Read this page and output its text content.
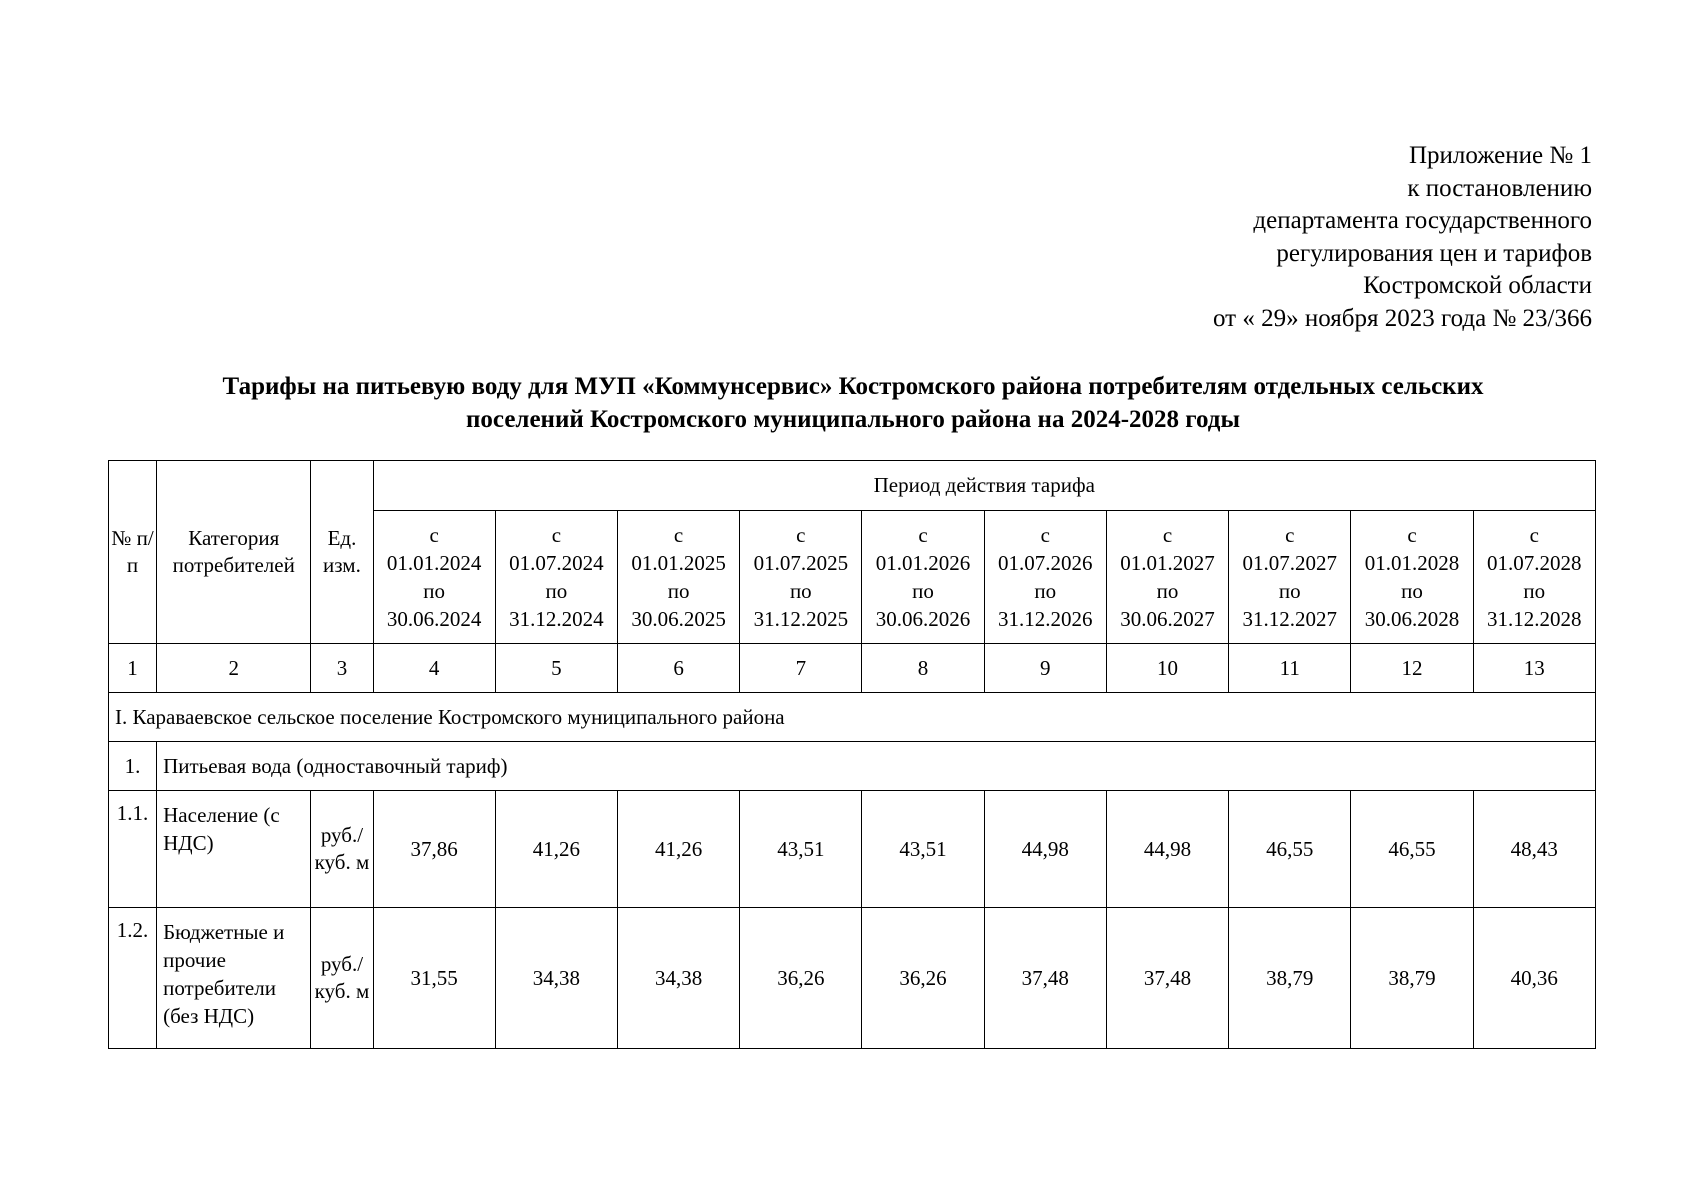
Приложение № 1
к постановлению
департамента государственного
регулирования цен и тарифов
Костромской области
от « 29» ноября 2023 года № 23/366
Тарифы на питьевую воду для МУП «Коммунсервис» Костромского района потребителям отдельных сельских
поселений Костромского муниципального района на 2024-2028 годы
№ п/п	Категория потребителей	Ед. изм.	Период действия тарифа									

			с
01.01.2024
по
30.06.2024	с
01.07.2024
по
31.12.2024	с
01.01.2025
по
30.06.2025	с
01.07.2025
по
31.12.2025	с
01.01.2026
по
30.06.2026	с
01.07.2026
по
31.12.2026	с
01.01.2027
по
30.06.2027	с
01.07.2027
по
31.12.2027	с
01.01.2028
по
30.06.2028	с
01.07.2028
по
31.12.2028

1	2	3	4	5	6	7	8	9	10	11	12	13
I. Караваевское сельское поселение Костромского муниципального района												
1.	Питьевая вода (одноставочный тариф)											
1.1.	Население (с НДС)	руб./ куб. м	37,86	41,26	41,26	43,51	43,51	44,98	44,98	46,55	46,55	48,43
1.2.	Бюджетные и прочие потребители (без НДС)	руб./ куб. м	31,55	34,38	34,38	36,26	36,26	37,48	37,48	38,79	38,79	40,36
